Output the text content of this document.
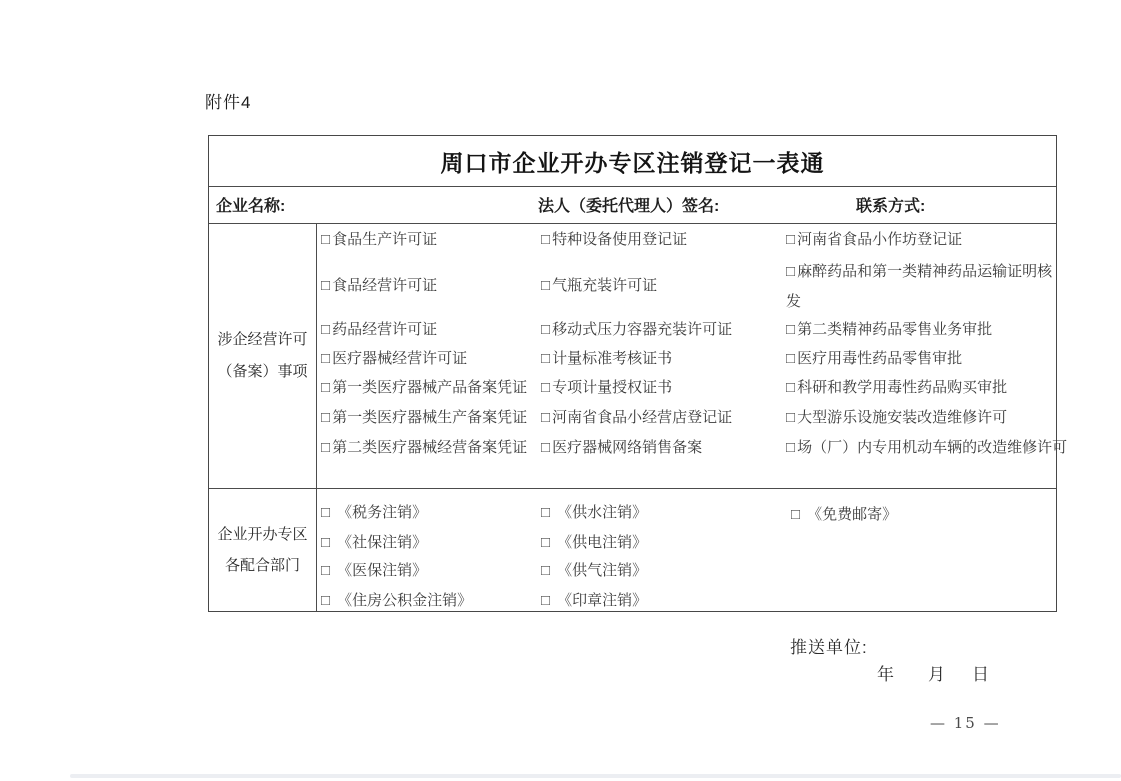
附件4
周口市企业开办专区注销登记一表通
企业名称:	法人（委托代理人）签名:	联系方式:
涉企经营许可
（备案）事项
□ 食品生产许可证
□ 食品经营许可证
□ 药品经营许可证
□ 医疗器械经营许可证
□ 第一类医疗器械产品备案凭证
□ 第一类医疗器械生产备案凭证
□ 第二类医疗器械经营备案凭证
□ 特种设备使用登记证
□ 气瓶充装许可证
□ 移动式压力容器充装许可证
□ 计量标准考核证书
□ 专项计量授权证书
□ 河南省食品小经营店登记证
□ 医疗器械网络销售备案
□ 河南省食品小作坊登记证
□ 麻醉药品和第一类精神药品运输证明核发
□ 第二类精神药品零售业务审批
□ 医疗用毒性药品零售审批
□ 科研和教学用毒性药品购买审批
□ 大型游乐设施安装改造维修许可
□ 场（厂）内专用机动车辆的改造维修许可
企业开办专区
各配合部门
□ 《税务注销》
□ 《社保注销》
□ 《医保注销》
□ 《住房公积金注销》
□ 《供水注销》
□ 《供电注销》
□ 《供气注销》
□ 《印章注销》
□ 《免费邮寄》
推送单位:
年 月 日
— 15 —
